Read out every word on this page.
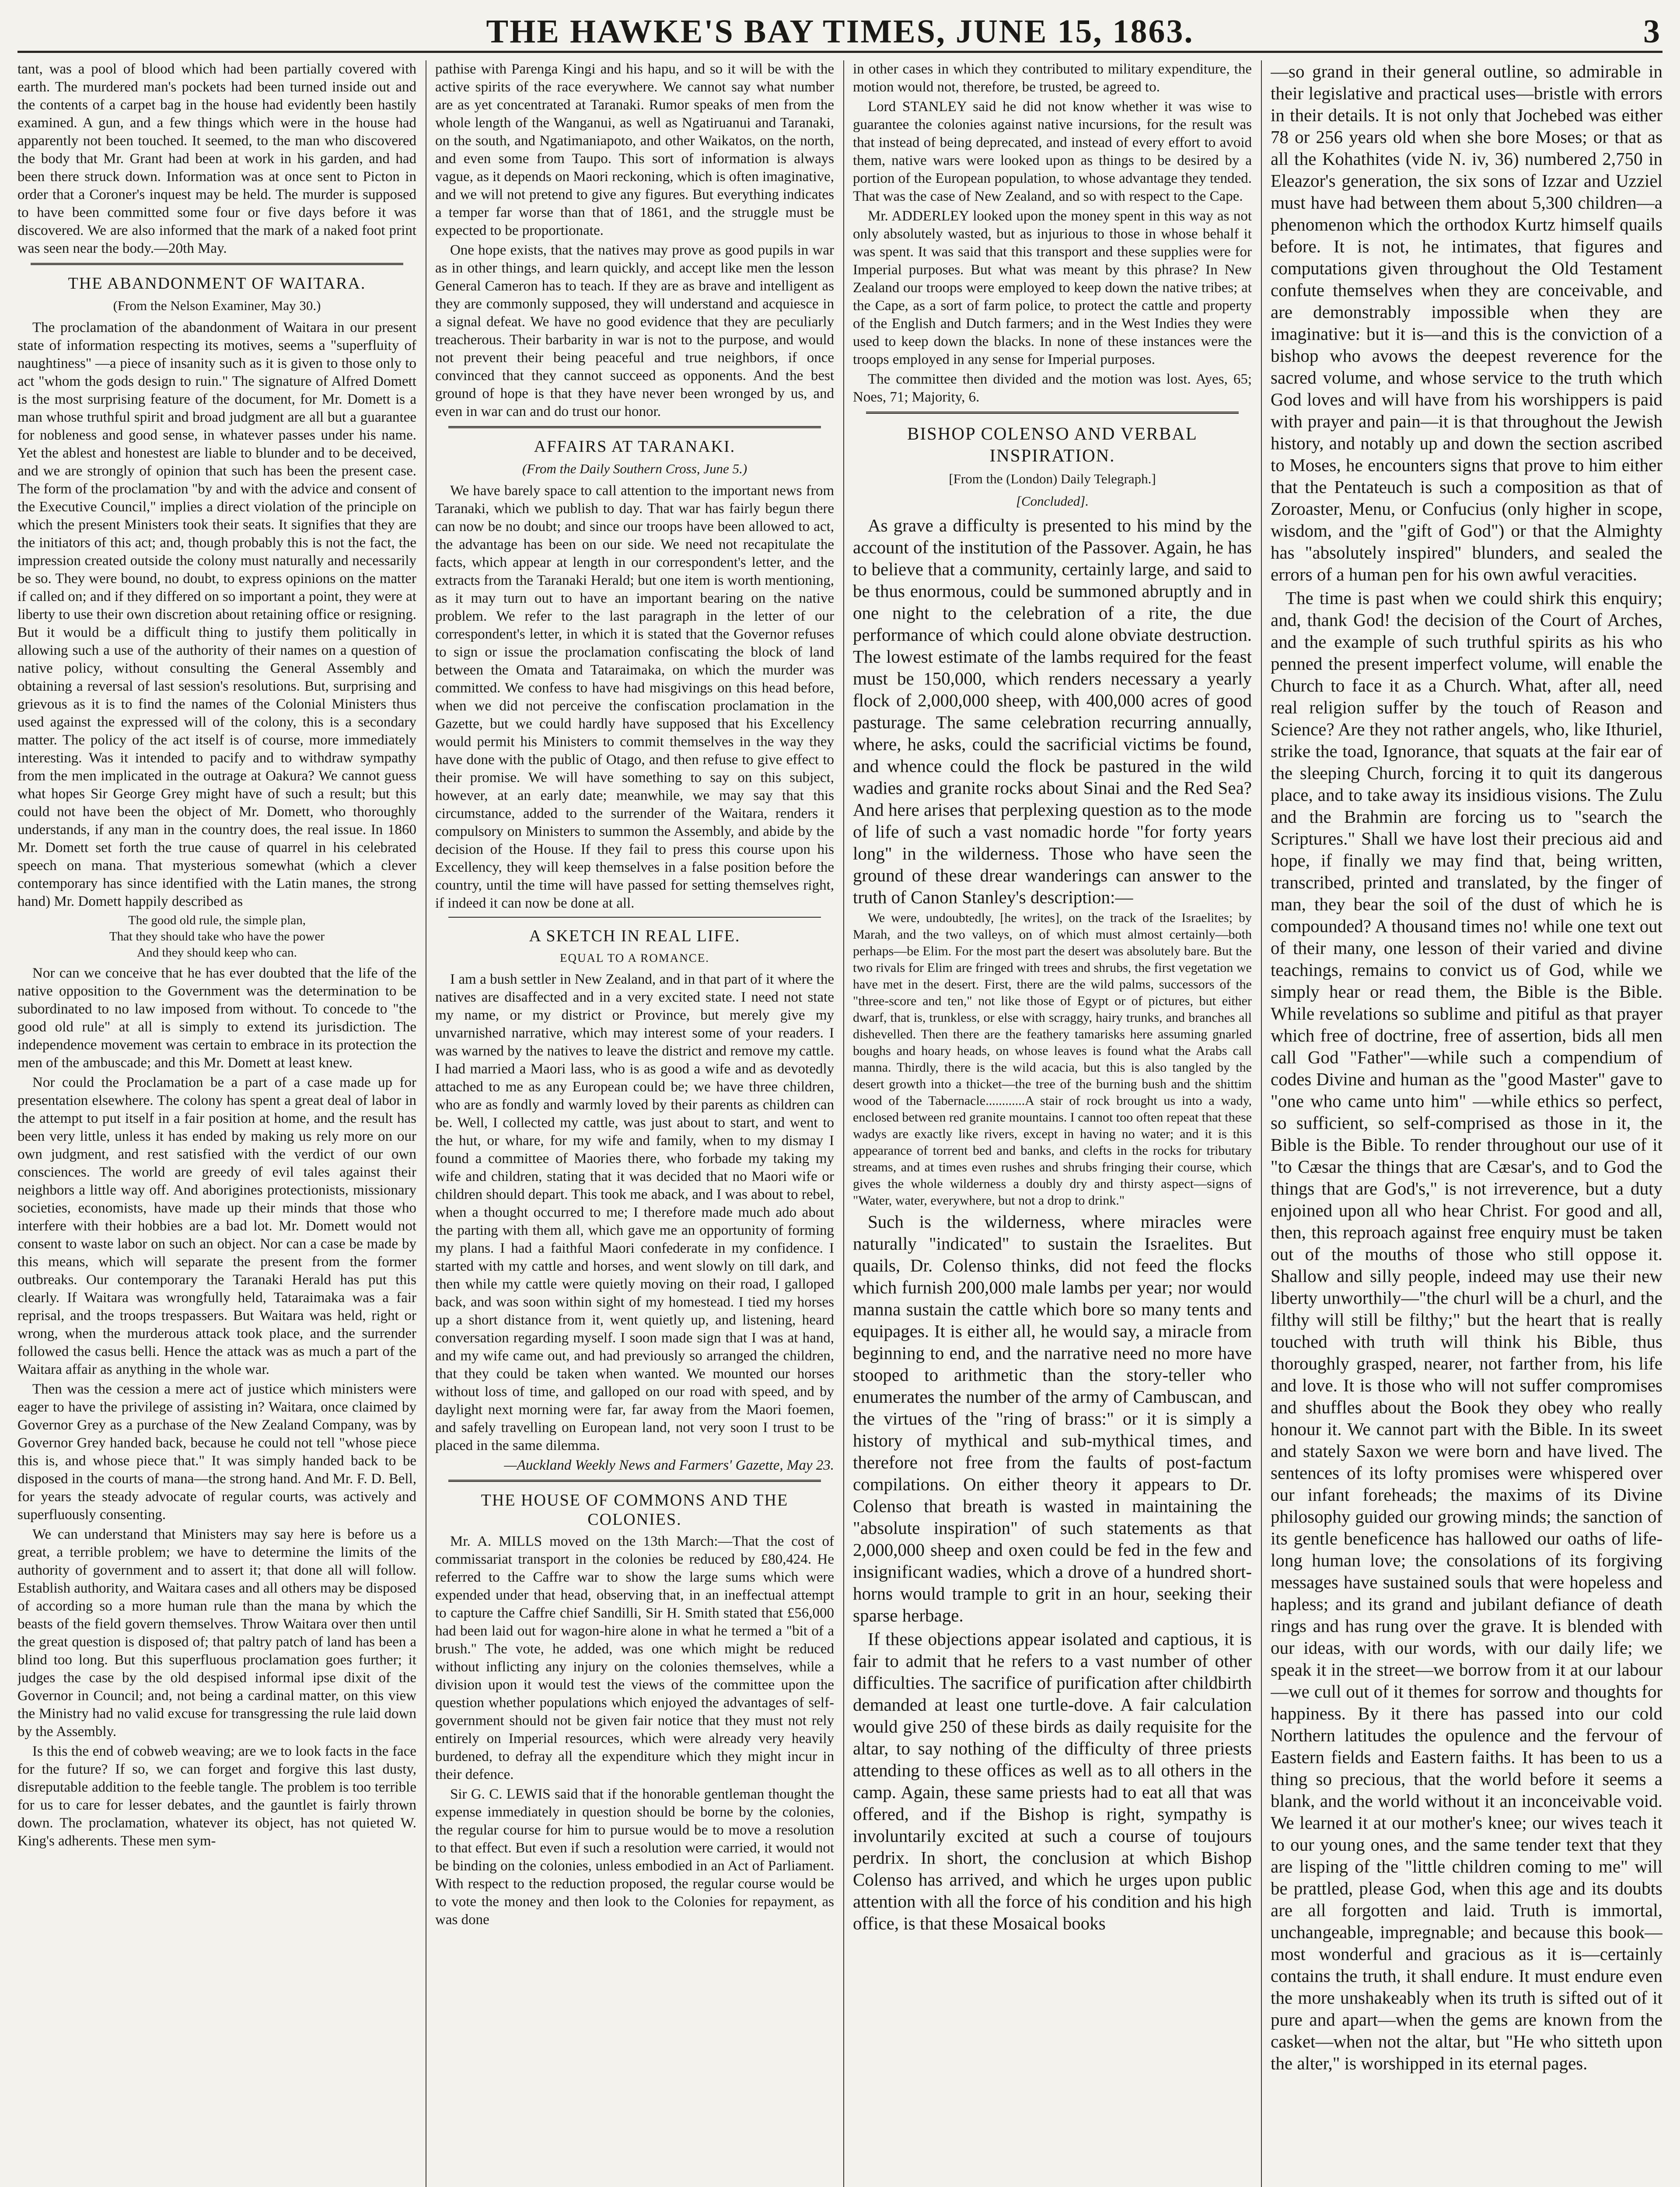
THE HAWKE'S BAY TIMES, JUNE 15, 1863.	3

tant, was a pool of blood which had been partially covered with earth. The murdered man's pockets had been turned inside out and the contents of a carpet bag in the house had evidently been hastily examined. A gun, and a few things which were in the house had apparently not been touched. It seemed, to the man who discovered the body that Mr. Grant had been at work in his garden, and had been there struck down. Information was at once sent to Picton in order that a Coroner's inquest may be held. The murder is supposed to have been committed some four or five days before it was discovered. We are also informed that the mark of a naked foot print was seen near the body.—20th May.

THE ABANDONMENT OF WAITARA.
(From the Nelson Examiner, May 30.)

The proclamation of the abandonment of Waitara in our present state of information respecting its motives, seems a "superfluity of naughtiness" —a piece of insanity such as it is given to those only to act "whom the gods design to ruin." The signature of Alfred Domett is the most surprising feature of the document, for Mr. Domett is a man whose truthful spirit and broad judgment are all but a guarantee for nobleness and good sense, in whatever passes under his name. Yet the ablest and honestest are liable to blunder and to be deceived, and we are strongly of opinion that such has been the present case. The form of the proclamation "by and with the advice and consent of the Executive Council," implies a direct violation of the principle on which the present Ministers took their seats. It signifies that they are the initiators of this act; and, though probably this is not the fact, the impression created outside the colony must naturally and necessarily be so. They were bound, no doubt, to express opinions on the matter if called on; and if they differed on so important a point, they were at liberty to use their own discretion about retaining office or resigning. But it would be a difficult thing to justify them politically in allowing such a use of the authority of their names on a question of native policy, without consulting the General Assembly and obtaining a reversal of last session's resolutions. But, surprising and grievous as it is to find the names of the Colonial Ministers thus used against the expressed will of the colony, this is a secondary matter. The policy of the act itself is of course, more immediately interesting. Was it intended to pacify and to withdraw sympathy from the men implicated in the outrage at Oakura? We cannot guess what hopes Sir George Grey might have of such a result; but this could not have been the object of Mr. Domett, who thoroughly understands, if any man in the country does, the real issue. In 1860 Mr. Domett set forth the true cause of quarrel in his celebrated speech on mana. That mysterious somewhat (which a clever contemporary has since identified with the Latin manes, the strong hand) Mr. Domett happily described as

The good old rule, the simple plan,
That they should take who have the power
And they should keep who can.

Nor can we conceive that he has ever doubted that the life of the native opposition to the Government was the determination to be subordinated to no law imposed from without. To concede to "the good old rule" at all is simply to extend its jurisdiction. The independence movement was certain to embrace in its protection the men of the ambuscade; and this Mr. Domett at least knew.

Nor could the Proclamation be a part of a case made up for presentation elsewhere. The colony has spent a great deal of labor in the attempt to put itself in a fair position at home, and the result has been very little, unless it has ended by making us rely more on our own judgment, and rest satisfied with the verdict of our own consciences. The world are greedy of evil tales against their neighbors a little way off. And aborigines protectionists, missionary societies, economists, have made up their minds that those who interfere with their hobbies are a bad lot. Mr. Domett would not consent to waste labor on such an object. Nor can a case be made by this means, which will separate the present from the former outbreaks. Our contemporary the Taranaki Herald has put this clearly. If Waitara was wrongfully held, Tataraimaka was a fair reprisal, and the troops trespassers. But Waitara was held, right or wrong, when the murderous attack took place, and the surrender followed the casus belli. Hence the attack was as much a part of the Waitara affair as anything in the whole war.

Then was the cession a mere act of justice which ministers were eager to have the privilege of assisting in? Waitara, once claimed by Governor Grey as a purchase of the New Zealand Company, was by Governor Grey handed back, because he could not tell "whose piece this is, and whose piece that." It was simply handed back to be disposed in the courts of mana—the strong hand. And Mr. F. D. Bell, for years the steady advocate of regular courts, was actively and superfluously consenting.

We can understand that Ministers may say here is before us a great, a terrible problem; we have to determine the limits of the authority of government and to assert it; that done all will follow. Establish authority, and Waitara cases and all others may be disposed of according so a more human rule than the mana by which the beasts of the field govern themselves. Throw Waitara over then until the great question is disposed of; that paltry patch of land has been a blind too long. But this superfluous proclamation goes further; it judges the case by the old despised informal ipse dixit of the Governor in Council; and, not being a cardinal matter, on this view the Ministry had no valid excuse for transgressing the rule laid down by the Assembly.

Is this the end of cobweb weaving; are we to look facts in the face for the future? If so, we can forget and forgive this last dusty, disreputable addition to the feeble tangle. The problem is too terrible for us to care for lesser debates, and the gauntlet is fairly thrown down. The proclamation, whatever its object, has not quieted W. King's adherents. These men sym-

pathise with Parenga Kingi and his hapu, and so it will be with the active spirits of the race everywhere. We cannot say what number are as yet concentrated at Taranaki. Rumor speaks of men from the whole length of the Wanganui, as well as Ngatiruanui and Taranaki, on the south, and Ngatimaniapoto, and other Waikatos, on the north, and even some from Taupo. This sort of information is always vague, as it depends on Maori reckoning, which is often imaginative, and we will not pretend to give any figures. But everything indicates a temper far worse than that of 1861, and the struggle must be expected to be proportionate.

One hope exists, that the natives may prove as good pupils in war as in other things, and learn quickly, and accept like men the lesson General Cameron has to teach. If they are as brave and intelligent as they are commonly supposed, they will understand and acquiesce in a signal defeat. We have no good evidence that they are peculiarly treacherous. Their barbarity in war is not to the purpose, and would not prevent their being peaceful and true neighbors, if once convinced that they cannot succeed as opponents. And the best ground of hope is that they have never been wronged by us, and even in war can and do trust our honor.

AFFAIRS AT TARANAKI.
(From the Daily Southern Cross, June 5.)

We have barely space to call attention to the important news from Taranaki, which we publish to day. That war has fairly begun there can now be no doubt; and since our troops have been allowed to act, the advantage has been on our side. We need not recapitulate the facts, which appear at length in our correspondent's letter, and the extracts from the Taranaki Herald; but one item is worth mentioning, as it may turn out to have an important bearing on the native problem. We refer to the last paragraph in the letter of our correspondent's letter, in which it is stated that the Governor refuses to sign or issue the proclamation confiscating the block of land between the Omata and Tataraimaka, on which the murder was committed. We confess to have had misgivings on this head before, when we did not perceive the confiscation proclamation in the Gazette, but we could hardly have supposed that his Excellency would permit his Ministers to commit themselves in the way they have done with the public of Otago, and then refuse to give effect to their promise. We will have something to say on this subject, however, at an early date; meanwhile, we may say that this circumstance, added to the surrender of the Waitara, renders it compulsory on Ministers to summon the Assembly, and abide by the decision of the House. If they fail to press this course upon his Excellency, they will keep themselves in a false position before the country, until the time will have passed for setting themselves right, if indeed it can now be done at all.

A SKETCH IN REAL LIFE.
EQUAL TO A ROMANCE.

I am a bush settler in New Zealand, and in that part of it where the natives are disaffected and in a very excited state. I need not state my name, or my district or Province, but merely give my unvarnished narrative, which may interest some of your readers. I was warned by the natives to leave the district and remove my cattle. I had married a Maori lass, who is as good a wife and as devotedly attached to me as any European could be; we have three children, who are as fondly and warmly loved by their parents as children can be. Well, I collected my cattle, was just about to start, and went to the hut, or whare, for my wife and family, when to my dismay I found a committee of Maories there, who forbade my taking my wife and children, stating that it was decided that no Maori wife or children should depart. This took me aback, and I was about to rebel, when a thought occurred to me; I therefore made much ado about the parting with them all, which gave me an opportunity of forming my plans. I had a faithful Maori confederate in my confidence. I started with my cattle and horses, and went slowly on till dark, and then while my cattle were quietly moving on their road, I galloped back, and was soon within sight of my homestead. I tied my horses up a short distance from it, went quietly up, and listening, heard conversation regarding myself. I soon made sign that I was at hand, and my wife came out, and had previously so arranged the children, that they could be taken when wanted. We mounted our horses without loss of time, and galloped on our road with speed, and by daylight next morning were far, far away from the Maori foemen, and safely travelling on European land, not very soon I trust to be placed in the same dilemma.

—Auckland Weekly News and Farmers' Gazette, May 23.
THE HOUSE OF COMMONS AND THE COLONIES.

Mr. A. MILLS moved on the 13th March:—That the cost of commissariat transport in the colonies be reduced by £80,424. He referred to the Caffre war to show the large sums which were expended under that head, observing that, in an ineffectual attempt to capture the Caffre chief Sandilli, Sir H. Smith stated that £56,000 had been laid out for wagon-hire alone in what he termed a "bit of a brush." The vote, he added, was one which might be reduced without inflicting any injury on the colonies themselves, while a division upon it would test the views of the committee upon the question whether populations which enjoyed the advantages of self-government should not be given fair notice that they must not rely entirely on Imperial resources, which were already very heavily burdened, to defray all the expenditure which they might incur in their defence.

Sir G. C. LEWIS said that if the honorable gentleman thought the expense immediately in question should be borne by the colonies, the regular course for him to pursue would be to move a resolution to that effect. But even if such a resolution were carried, it would not be binding on the colonies, unless embodied in an Act of Parliament. With respect to the reduction proposed, the regular course would be to vote the money and then look to the Colonies for repayment, as was done

in other cases in which they contributed to military expenditure, the motion would not, therefore, be trusted, be agreed to.

Lord STANLEY said he did not know whether it was wise to guarantee the colonies against native incursions, for the result was that instead of being deprecated, and instead of every effort to avoid them, native wars were looked upon as things to be desired by a portion of the European population, to whose advantage they tended. That was the case of New Zealand, and so with respect to the Cape.

Mr. ADDERLEY looked upon the money spent in this way as not only absolutely wasted, but as injurious to those in whose behalf it was spent. It was said that this transport and these supplies were for Imperial purposes. But what was meant by this phrase? In New Zealand our troops were employed to keep down the native tribes; at the Cape, as a sort of farm police, to protect the cattle and property of the English and Dutch farmers; and in the West Indies they were used to keep down the blacks. In none of these instances were the troops employed in any sense for Imperial purposes.

The committee then divided and the motion was lost. Ayes, 65; Noes, 71; Majority, 6.

BISHOP COLENSO AND VERBAL INSPIRATION.
[From the (London) Daily Telegraph.]
[Concluded].

As grave a difficulty is presented to his mind by the account of the institution of the Passover. Again, he has to believe that a community, certainly large, and said to be thus enormous, could be summoned abruptly and in one night to the celebration of a rite, the due performance of which could alone obviate destruction. The lowest estimate of the lambs required for the feast must be 150,000, which renders necessary a yearly flock of 2,000,000 sheep, with 400,000 acres of good pasturage. The same celebration recurring annually, where, he asks, could the sacrificial victims be found, and whence could the flock be pastured in the wild wadies and granite rocks about Sinai and the Red Sea? And here arises that perplexing question as to the mode of life of such a vast nomadic horde "for forty years long" in the wilderness. Those who have seen the ground of these drear wanderings can answer to the truth of Canon Stanley's description:—

We were, undoubtedly, [he writes], on the track of the Israelites; by Marah, and the two valleys, on of which must almost certainly—both perhaps—be Elim. For the most part the desert was absolutely bare. But the two rivals for Elim are fringed with trees and shrubs, the first vegetation we have met in the desert. First, there are the wild palms, successors of the "three-score and ten," not like those of Egypt or of pictures, but either dwarf, that is, trunkless, or else with scraggy, hairy trunks, and branches all dishevelled. Then there are the feathery tamarisks here assuming gnarled boughs and hoary heads, on whose leaves is found what the Arabs call manna. Thirdly, there is the wild acacia, but this is also tangled by the desert growth into a thicket—the tree of the burning bush and the shittim wood of the Tabernacle............A stair of rock brought us into a wady, enclosed between red granite mountains. I cannot too often repeat that these wadys are exactly like rivers, except in having no water; and it is this appearance of torrent bed and banks, and clefts in the rocks for tributary streams, and at times even rushes and shrubs fringing their course, which gives the whole wilderness a doubly dry and thirsty aspect—signs of "Water, water, everywhere, but not a drop to drink."

Such is the wilderness, where miracles were naturally "indicated" to sustain the Israelites. But quails, Dr. Colenso thinks, did not feed the flocks which furnish 200,000 male lambs per year; nor would manna sustain the cattle which bore so many tents and equipages. It is either all, he would say, a miracle from beginning to end, and the narrative need no more have stooped to arithmetic than the story-teller who enumerates the number of the army of Cambuscan, and the virtues of the "ring of brass:" or it is simply a history of mythical and sub-mythical times, and therefore not free from the faults of post-factum compilations. On either theory it appears to Dr. Colenso that breath is wasted in maintaining the "absolute inspiration" of such statements as that 2,000,000 sheep and oxen could be fed in the few and insignificant wadies, which a drove of a hundred short-horns would trample to grit in an hour, seeking their sparse herbage.

If these objections appear isolated and captious, it is fair to admit that he refers to a vast number of other difficulties. The sacrifice of purification after childbirth demanded at least one turtle-dove. A fair calculation would give 250 of these birds as daily requisite for the altar, to say nothing of the difficulty of three priests attending to these offices as well as to all others in the camp. Again, these same priests had to eat all that was offered, and if the Bishop is right, sympathy is involuntarily excited at such a course of toujours perdrix. In short, the conclusion at which Bishop Colenso has arrived, and which he urges upon public attention with all the force of his condition and his high office, is that these Mosaical books

—so grand in their general outline, so admirable in their legislative and practical uses—bristle with errors in their details. It is not only that Jochebed was either 78 or 256 years old when she bore Moses; or that as all the Kohathites (vide N. iv, 36) numbered 2,750 in Eleazor's generation, the six sons of Izzar and Uzziel must have had between them about 5,300 children—a phenomenon which the orthodox Kurtz himself quails before. It is not, he intimates, that figures and computations given throughout the Old Testament confute themselves when they are conceivable, and are demonstrably impossible when they are imaginative: but it is—and this is the conviction of a bishop who avows the deepest reverence for the sacred volume, and whose service to the truth which God loves and will have from his worshippers is paid with prayer and pain—it is that throughout the Jewish history, and notably up and down the section ascribed to Moses, he encounters signs that prove to him either that the Pentateuch is such a composition as that of Zoroaster, Menu, or Confucius (only higher in scope, wisdom, and the "gift of God") or that the Almighty has "absolutely inspired" blunders, and sealed the errors of a human pen for his own awful veracities.

The time is past when we could shirk this enquiry; and, thank God! the decision of the Court of Arches, and the example of such truthful spirits as his who penned the present imperfect volume, will enable the Church to face it as a Church. What, after all, need real religion suffer by the touch of Reason and Science? Are they not rather angels, who, like Ithuriel, strike the toad, Ignorance, that squats at the fair ear of the sleeping Church, forcing it to quit its dangerous place, and to take away its insidious visions. The Zulu and the Brahmin are forcing us to "search the Scriptures." Shall we have lost their precious aid and hope, if finally we may find that, being written, transcribed, printed and translated, by the finger of man, they bear the soil of the dust of which he is compounded? A thousand times no! while one text out of their many, one lesson of their varied and divine teachings, remains to convict us of God, while we simply hear or read them, the Bible is the Bible. While revelations so sublime and pitiful as that prayer which free of doctrine, free of assertion, bids all men call God "Father"—while such a compendium of codes Divine and human as the "good Master" gave to "one who came unto him" —while ethics so perfect, so sufficient, so self-comprised as those in it, the Bible is the Bible. To render throughout our use of it "to Cæsar the things that are Cæsar's, and to God the things that are God's," is not irreverence, but a duty enjoined upon all who hear Christ. For good and all, then, this reproach against free enquiry must be taken out of the mouths of those who still oppose it. Shallow and silly people, indeed may use their new liberty unworthily—"the churl will be a churl, and the filthy will still be filthy;" but the heart that is really touched with truth will think his Bible, thus thoroughly grasped, nearer, not farther from, his life and love. It is those who will not suffer compromises and shuffles about the Book they obey who really honour it. We cannot part with the Bible. In its sweet and stately Saxon we were born and have lived. The sentences of its lofty promises were whispered over our infant foreheads; the maxims of its Divine philosophy guided our growing minds; the sanction of its gentle beneficence has hallowed our oaths of life-long human love; the consolations of its forgiving messages have sustained souls that were hopeless and hapless; and its grand and jubilant defiance of death rings and has rung over the grave. It is blended with our ideas, with our words, with our daily life; we speak it in the street—we borrow from it at our labour—we cull out of it themes for sorrow and thoughts for happiness. By it there has passed into our cold Northern latitudes the opulence and the fervour of Eastern fields and Eastern faiths. It has been to us a thing so precious, that the world before it seems a blank, and the world without it an inconceivable void. We learned it at our mother's knee; our wives teach it to our young ones, and the same tender text that they are lisping of the "little children coming to me" will be prattled, please God, when this age and its doubts are all forgotten and laid. Truth is immortal, unchangeable, impregnable; and because this book—most wonderful and gracious as it is—certainly contains the truth, it shall endure. It must endure even the more unshakeably when its truth is sifted out of it pure and apart—when the gems are known from the casket—when not the altar, but "He who sitteth upon the alter," is worshipped in its eternal pages.
